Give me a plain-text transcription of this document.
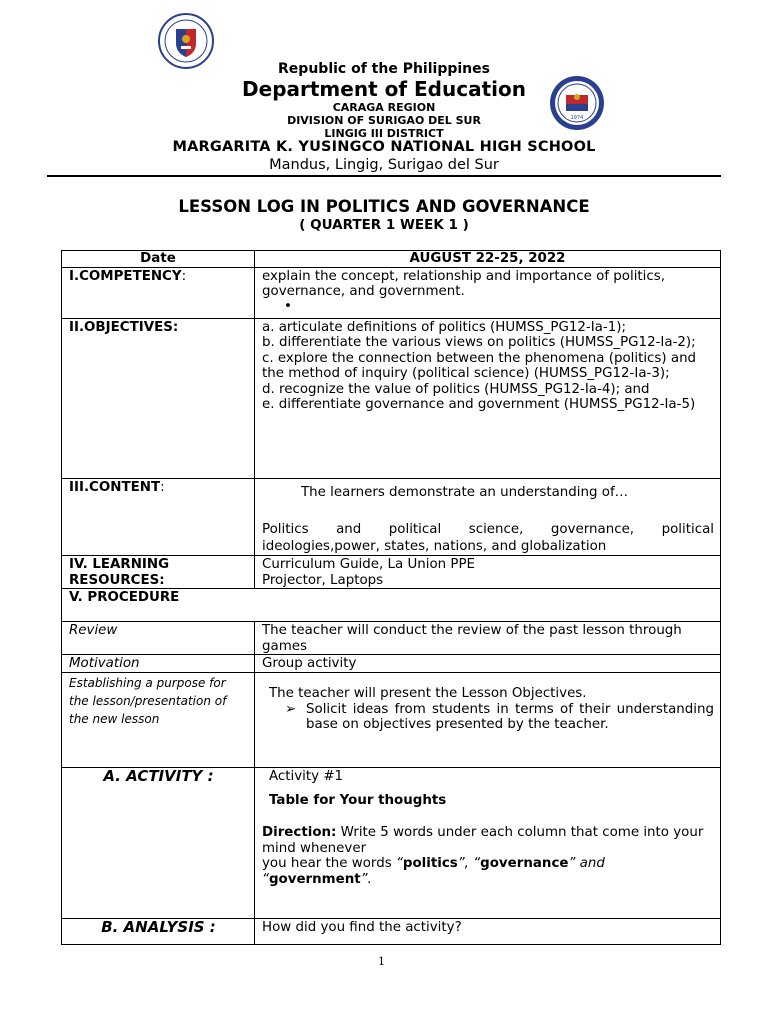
1974
Republic of the Philippines
Department of Education
CARAGA REGION
DIVISION OF SURIGAO DEL SUR
LINGIG III DISTRICT
MARGARITA K. YUSINGCO NATIONAL HIGH SCHOOL
Mandus, Lingig, Surigao del Sur
LESSON LOG IN POLITICS AND GOVERNANCE
( QUARTER 1 WEEK 1 )
Date	AUGUST 22-25, 2022
I.COMPETENCY:	explain the concept, relationship and importance of politics, governance, and government.
•

II.OBJECTIVES:	a. articulate definitions of politics (HUMSS_PG12-Ia-1);
b. differentiate the various views on politics (HUMSS_PG12-Ia-2);
c. explore the connection between the phenomena (politics) and the method of inquiry (political science) (HUMSS_PG12-Ia-3);
d. recognize the value of politics (HUMSS_PG12-Ia-4); and
e. differentiate governance and government (HUMSS_PG12-Ia-5)

III.CONTENT:	The learners demonstrate an understanding of…
Politics and political science, governance, political ideologies,power, states, nations, and globalization

IV. LEARNING RESOURCES:	Curriculum Guide, La Union PPE
Projector, Laptops

V. PROCEDURE	
Review	The teacher will conduct the review of the past lesson through games
Motivation	Group activity
Establishing a purpose for the lesson/presentation of the new lesson	The teacher will present the Lesson Objectives.
➢ Solicit ideas from students in terms of their understanding base on objectives presented by the teacher.

A. ACTIVITY :	Activity #1
Table for Your thoughts
Direction: Write 5 words under each column that come into your mind whenever
you hear the words “politics”, “governance” and
“government”.

B. ANALYSIS :	How did you find the activity?
1
